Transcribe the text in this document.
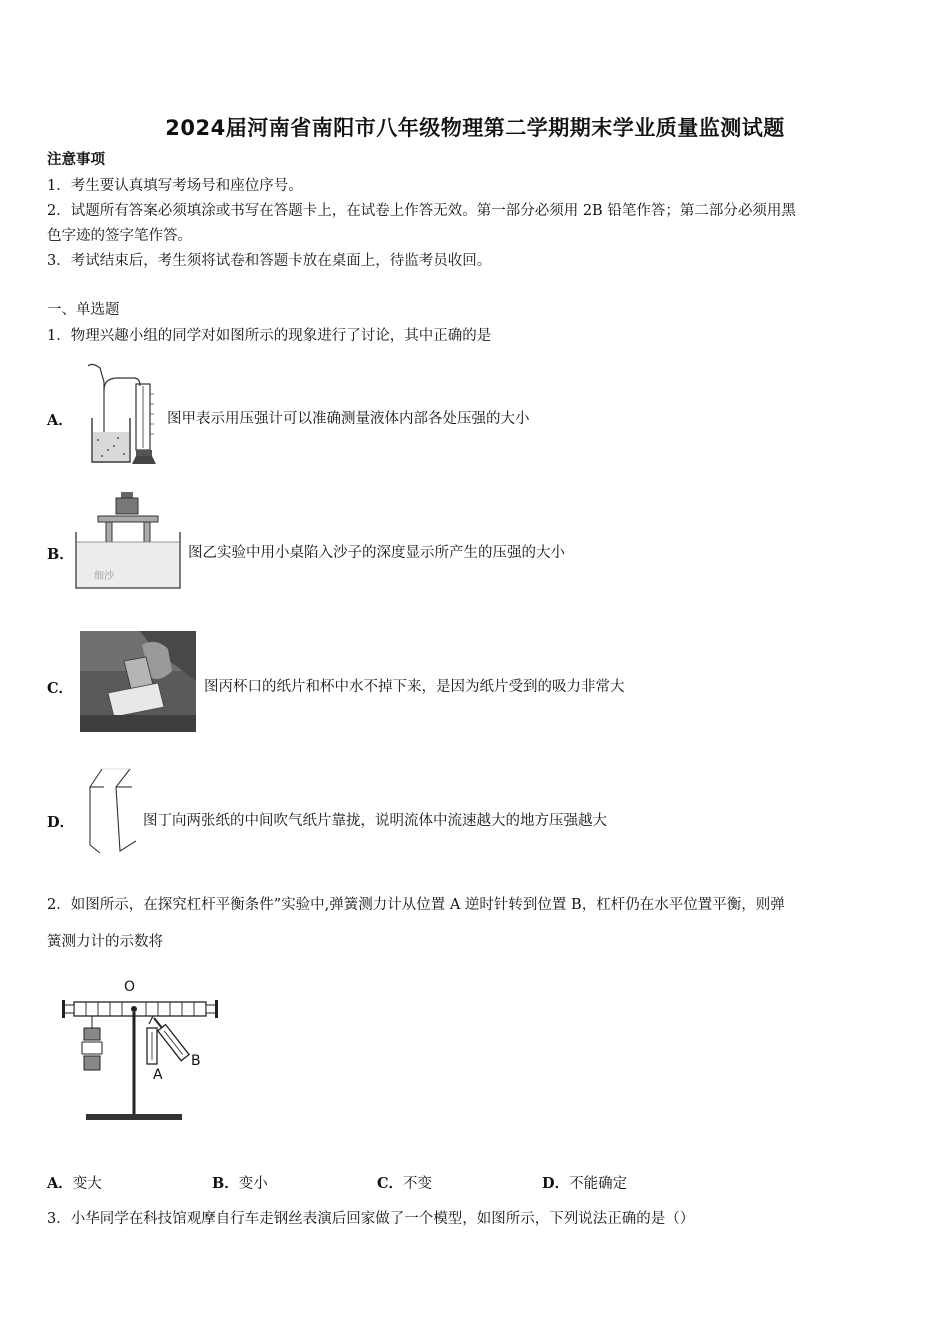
2024届河南省南阳市八年级物理第二学期期末学业质量监测试题
注意事项
1．考生要认真填写考场号和座位序号。
2．试题所有答案必须填涂或书写在答题卡上，在试卷上作答无效。第一部分必须用 2B 铅笔作答；第二部分必须用黑
色字迹的签字笔作答。
3．考试结束后，考生须将试卷和答题卡放在桌面上，待监考员收回。
一、单选题
1．物理兴趣小组的同学对如图所示的现象进行了讨论，其中正确的是
A．	图甲表示用压强计可以准确测量液体内部各处压强的大小
B．
细沙
图乙实验中用小桌陷入沙子的深度显示所产生的压强的大小
C．	图丙杯口的纸片和杯中水不掉下来，是因为纸片受到的吸力非常大
D．	图丁向两张纸的中间吹气纸片靠拢，说明流体中流速越大的地方压强越大
2．如图所示，在探究杠杆平衡条件”实验中,弹簧测力计从位置 A 逆时针转到位置 B，杠杆仍在水平位置平衡，则弹
簧测力计的示数将
O
A
B
A．变大	B．变小	C．不变	D．不能确定
3．小华同学在科技馆观摩自行车走钢丝表演后回家做了一个模型，如图所示，下列说法正确的是（）
